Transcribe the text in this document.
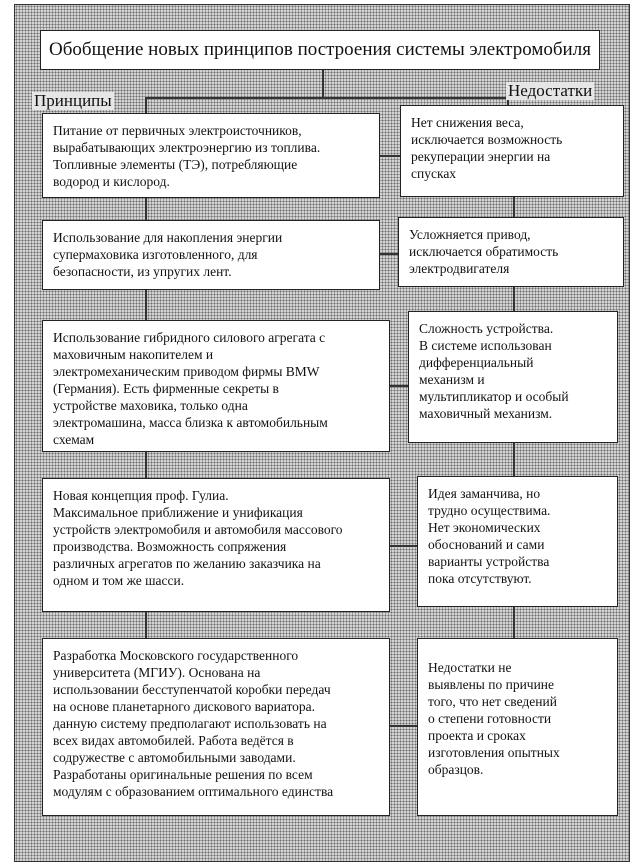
Обобщение новых принципов построения системы электромобиля
Принципы
Недостатки
Питание от первичных электроисточников,
вырабатывающих электроэнергию из топлива.
Топливные элементы (ТЭ), потребляющие
водород и кислород.
Использование для накопления энергии
супермаховика изготовленного, для
безопасности, из упругих лент.
Использование гибридного силового агрегата с
маховичным накопителем и
электромеханическим приводом фирмы BMW
(Германия). Есть фирменные секреты в
устройстве маховика, только одна
электромашина, масса близка к автомобильным
схемам
Новая концепция проф. Гулиа.
Максимальное приближение и унификация
устройств электромобиля и автомобиля массового
производства. Возможность сопряжения
различных агрегатов по желанию заказчика на
одном и том же шасси.
Разработка Московского государственного
университета (МГИУ). Основана на
использовании бесступенчатой коробки передач
на основе планетарного дискового вариатора.
данную систему предполагают использовать на
всех видах автомобилей. Работа ведётся в
содружестве с автомобильными заводами.
Разработаны оригинальные решения по всем
модулям с образованием оптимального единства
Нет снижения веса,
исключается возможность
рекуперации энергии на
спусках
Усложняется привод,
исключается обратимость
электродвигателя
Сложность устройства.
В системе использован
дифференциальный
механизм и
мультипликатор и особый
маховичный механизм.
Идея заманчива, но
трудно осуществима.
Нет экономических
обоснований и сами
варианты устройства
пока отсутствуют.
Недостатки не
выявлены по причине
того, что нет сведений
о степени готовности
проекта и сроках
изготовления опытных
образцов.
